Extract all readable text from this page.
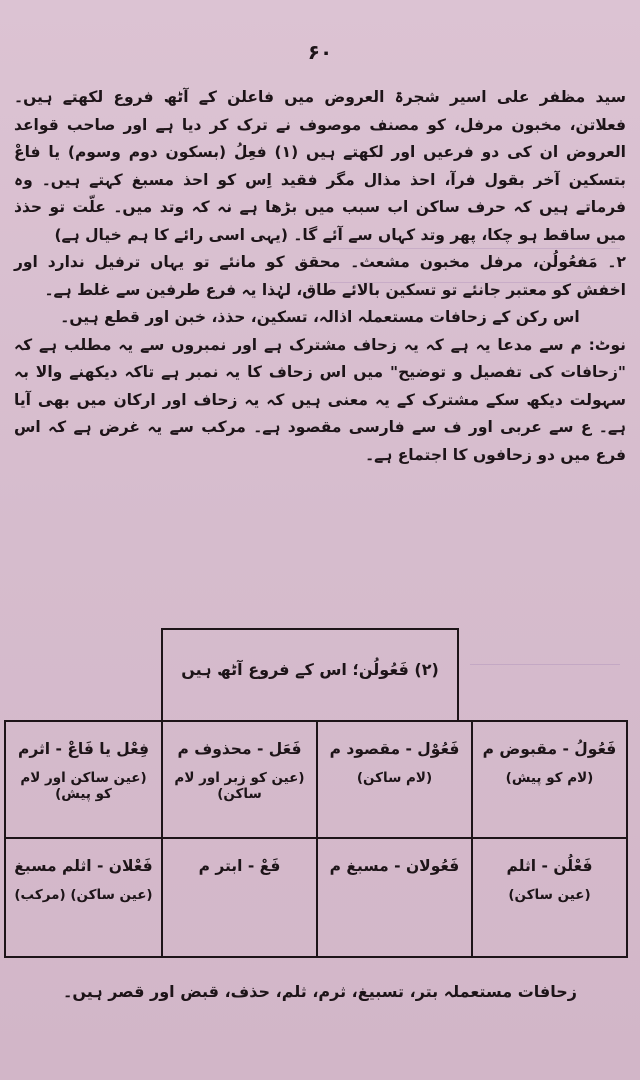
۶۰

سید مظفر علی اسیر شجرۃ العروض میں فاعلن کے آٹھ فروع لکھتے ہیں۔ فعلاتن، مخبون مرفل، کو مصنف موصوف نے ترک کر دیا ہے اور صاحب قواعد العروض ان کی دو فرعیں اور لکھتے ہیں (۱) فعِلُ (بسکون دوم وسوم) یا فاعْ بتسکین آخر بقول فرآ، احذ مذال مگر فقید اِس کو احذ مسبغ کہتے ہیں۔ وہ فرماتے ہیں کہ حرف ساکن اب سبب میں بڑھا ہے نہ کہ وتد میں۔ علّت تو حذذ میں ساقط ہو چکا، پھر وتد کہاں سے آئے گا۔ (یہی اسی رائے کا ہم خیال ہے)

۲۔ مَفعُولُن، مرفل مخبون مشعث۔ محقق کو مانئے تو یہاں ترفیل ندارد اور اخفش کو معتبر جانئے تو تسکین بالائے طاق، لہٰذا یہ فرع طرفین سے غلط ہے۔

اس رکن کے زحافات مستعملہ اذالہ، تسکین، حذذ، خبن اور قطع ہیں۔

نوٹ: م سے مدعا یہ ہے کہ یہ زحاف مشترک ہے اور نمبروں سے یہ مطلب ہے کہ "زحافات کی تفصیل و توضیح" میں اس زحاف کا یہ نمبر ہے تاکہ دیکھنے والا بہ سہولت دیکھ سکے مشترک کے یہ معنی ہیں کہ یہ زحاف اور ارکان میں بھی آیا ہے۔ ع سے عربی اور ف سے فارسی مقصود ہے۔ مرکب سے یہ غرض ہے کہ اس فرع میں دو زحافوں کا اجتماع ہے۔

(۲) فَعُولُن؛ اس کے فروع آٹھ ہیں
فَعُولُ - مقبوض م
(لام کو پیش)
فَعُوْل - مقصود م
(لام ساکن)
فَعَل - محذوف م
(عین کو زبر اور لام ساکن)
فِعْل یا فَاعْ - اثرم
(عین ساکن اور لام کو پیش)
فَعْلُن - اثلم
(عین ساکن)
فَعُولان - مسبغ م
فَعْ - ابتر م
فَعْلان - اثلم مسبغ
(عین ساکن) (مرکب)
زحافات مستعملہ بتر، تسبیغ، ثرم، ثلم، حذف، قبض اور قصر ہیں۔
